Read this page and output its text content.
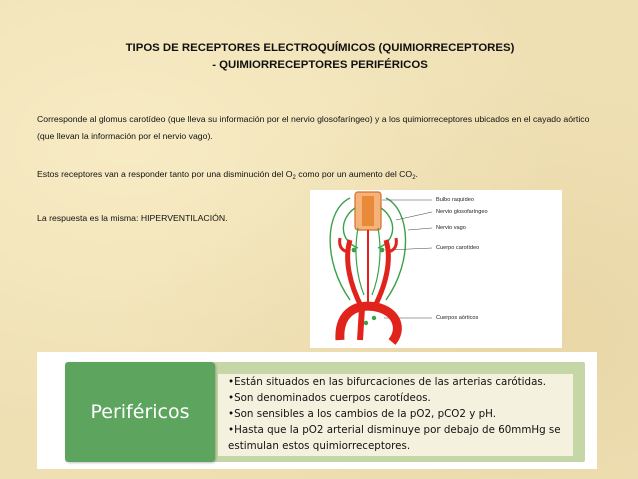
TIPOS DE RECEPTORES ELECTROQUÍMICOS (QUIMIORRECEPTORES)
- QUIMIORRECEPTORES PERIFÉRICOS
Corresponde al glomus carotídeo (que lleva su información por el nervio glosofaríngeo) y a los quimiorreceptores ubicados en el cayado aórtico (que llevan la información por el nervio vago).
Estos receptores van a responder tanto por una disminución del $O_2$ como por un aumento del $CO_2$.
La respuesta es la misma: HIPERVENTILACIÓN.
Bulbo raquídeo
Nervio glosofaríngeo
Nervio vago
Cuerpo carotídeo
Cuerpos aórticos
Periféricos
•Están situados en las bifurcaciones de las arterias carótidas.
•Son denominados cuerpos carotídeos.
•Son sensibles a los cambios de la pO2, pCO2 y pH.
•Hasta que la pO2 arterial disminuye por debajo de 60mmHg se estimulan estos quimiorreceptores.
